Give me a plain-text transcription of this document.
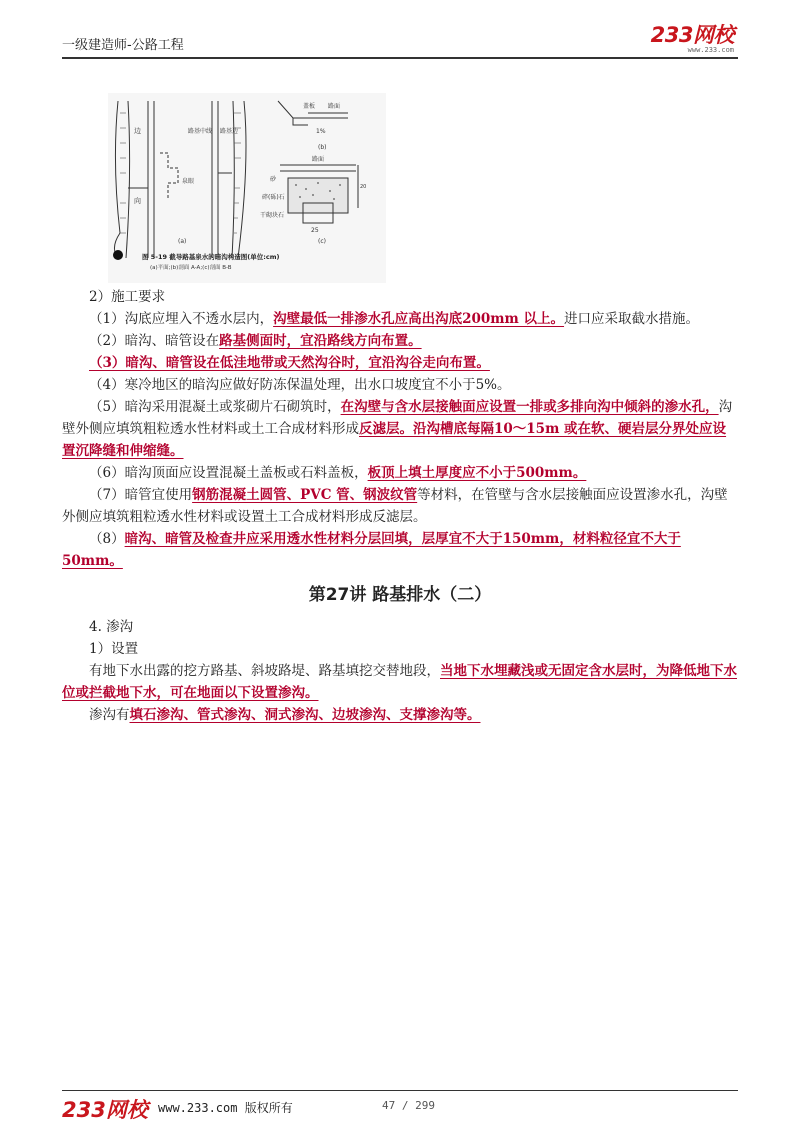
一级建造师-公路工程	233网校
www.233.com
边	路基中线
泉眼
路基边
向
(a)
盖板 路面
1%
(b)
路面
砂
碎(砾)石
干砌块石
20
25
(c)
图 5-19 截导路基泉水的暗沟构造图(单位:cm)
(a)平面;(b)剖面 A-A;(c)剖面 B-B

2）施工要求

（1）沟底应埋入不透水层内，沟壁最低一排渗水孔应高出沟底200mm 以上。进口应采取截水措施。

（2）暗沟、暗管设在路基侧面时，宜沿路线方向布置。

（3）暗沟、暗管设在低洼地带或天然沟谷时，宜沿沟谷走向布置。

（4）寒冷地区的暗沟应做好防冻保温处理，出水口坡度宜不小于5%。

（5）暗沟采用混凝土或浆砌片石砌筑时，在沟壁与含水层接触面应设置一排或多排向沟中倾斜的渗水孔，沟壁外侧应填筑粗粒透水性材料或土工合成材料形成反滤层。沿沟槽底每隔10～15m 或在软、硬岩层分界处应设置沉降缝和伸缩缝。

（6）暗沟顶面应设置混凝土盖板或石料盖板，板顶上填土厚度应不小于500mm。

（7）暗管宜使用钢筋混凝土圆管、PVC 管、钢波纹管等材料，在管壁与含水层接触面应设置渗水孔，沟壁外侧应填筑粗粒透水性材料或设置土工合成材料形成反滤层。

（8）暗沟、暗管及检查井应采用透水性材料分层回填，层厚宜不大于150mm，材料粒径宜不大于50mm。

第27讲 路基排水（二）

4. 渗沟

1）设置

有地下水出露的挖方路基、斜坡路堤、路基填挖交替地段，当地下水埋藏浅或无固定含水层时，为降低地下水位或拦截地下水，可在地面以下设置渗沟。

渗沟有填石渗沟、管式渗沟、洞式渗沟、边坡渗沟、支撑渗沟等。

233网校 www.233.com 版权所有	47 / 299
